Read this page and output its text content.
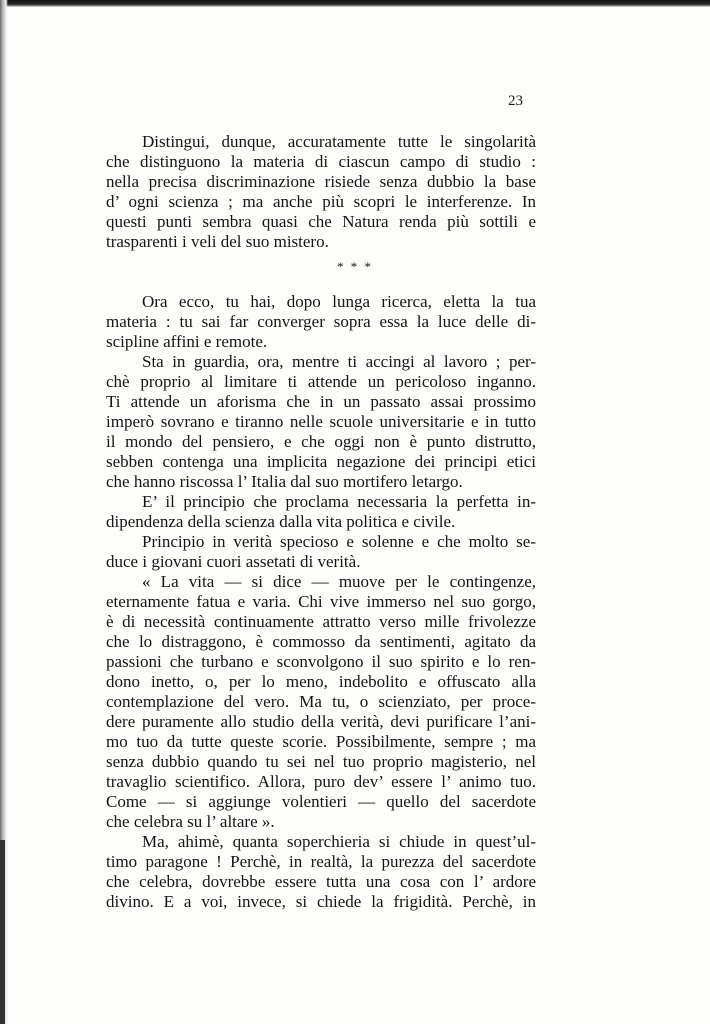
23
Distingui, dunque, accuratamente tutte le singolarità
che distinguono la materia di ciascun campo di studio :
nella precisa discriminazione risiede senza dubbio la base
d’ ogni scienza ; ma anche più scopri le interferenze. In
questi punti sembra quasi che Natura renda più sottili e
trasparenti i veli del suo mistero.
* * *
Ora ecco, tu hai, dopo lunga ricerca, eletta la tua
materia : tu sai far converger sopra essa la luce delle di-
scipline affini e remote.
Sta in guardia, ora, mentre ti accingi al lavoro ; per-
chè proprio al limitare ti attende un pericoloso inganno.
Ti attende un aforisma che in un passato assai prossimo
imperò sovrano e tiranno nelle scuole universitarie e in tutto
il mondo del pensiero, e che oggi non è punto distrutto,
sebben contenga una implicita negazione dei principi etici
che hanno riscossa l’ Italia dal suo mortifero letargo.
E’ il principio che proclama necessaria la perfetta in-
dipendenza della scienza dalla vita politica e civile.
Principio in verità specioso e solenne e che molto se-
duce i giovani cuori assetati di verità.
« La vita — si dice — muove per le contingenze,
eternamente fatua e varia. Chi vive immerso nel suo gorgo,
è di necessità continuamente attratto verso mille frivolezze
che lo distraggono, è commosso da sentimenti, agitato da
passioni che turbano e sconvolgono il suo spirito e lo ren-
dono inetto, o, per lo meno, indebolito e offuscato alla
contemplazione del vero. Ma tu, o scienziato, per proce-
dere puramente allo studio della verità, devi purificare l’ani-
mo tuo da tutte queste scorie. Possibilmente, sempre ; ma
senza dubbio quando tu sei nel tuo proprio magisterio, nel
travaglio scientifico. Allora, puro dev’ essere l’ animo tuo.
Come — si aggiunge volentieri — quello del sacerdote
che celebra su l’ altare ».
Ma, ahimè, quanta soperchieria si chiude in quest’ul-
timo paragone ! Perchè, in realtà, la purezza del sacerdote
che celebra, dovrebbe essere tutta una cosa con l’ ardore
divino. E a voi, invece, si chiede la frigidità. Perchè, in
